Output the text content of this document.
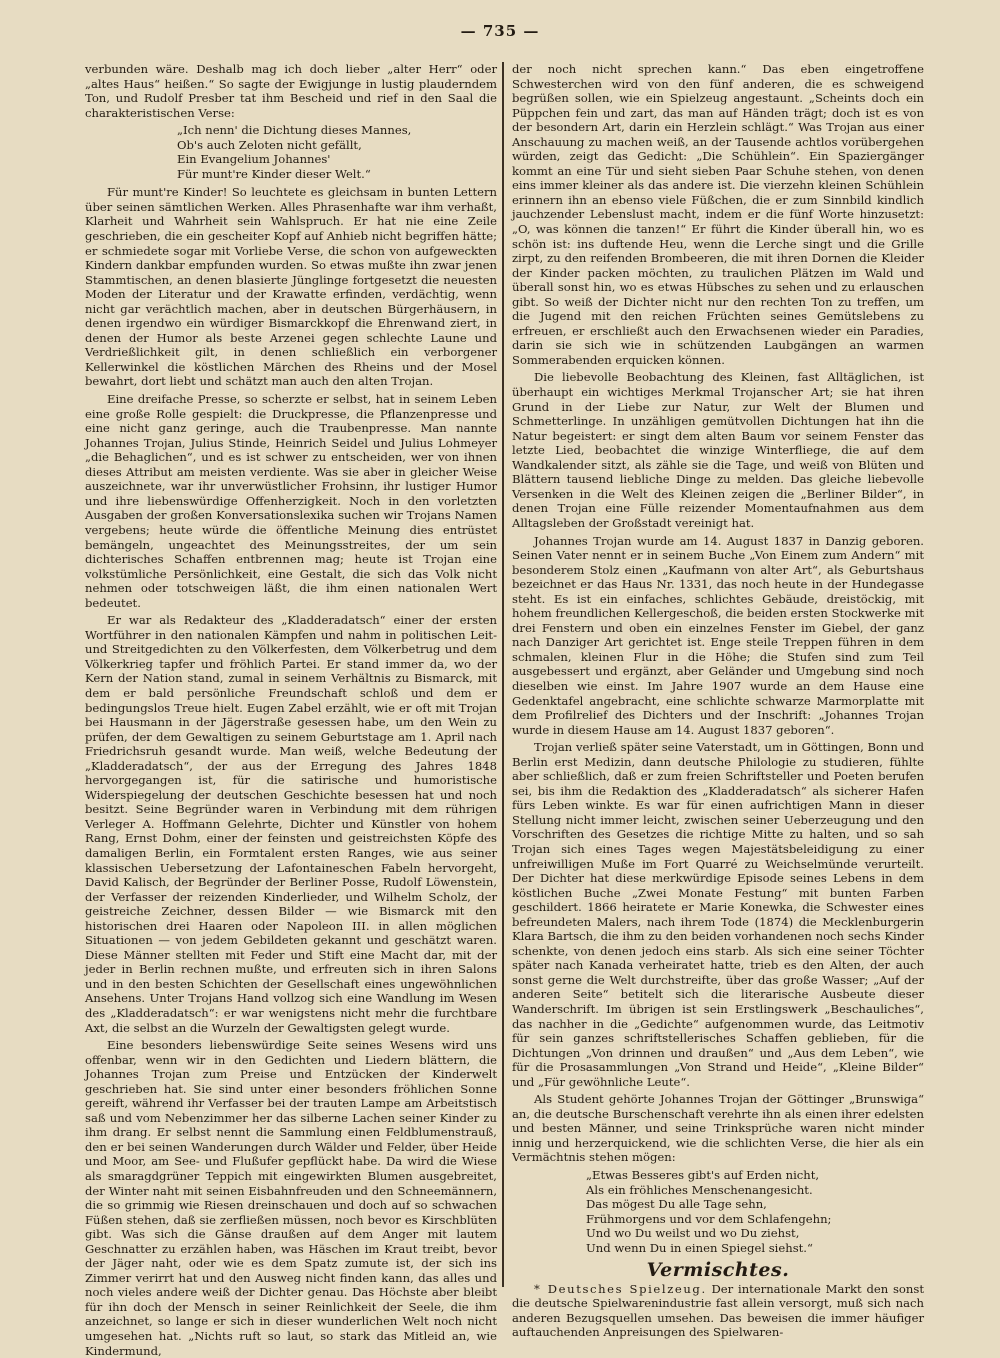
— 735 —

verbunden wäre. Deshalb mag ich doch lieber „alter Herr“ oder „altes Haus“ heißen.“ So sagte der Ewigjunge in lustig plauderndem Ton, und Rudolf Presber tat ihm Bescheid und rief in den Saal die charakteristischen Verse:

„Ich nenn' die Dichtung dieses Mannes,
Ob's auch Zeloten nicht gefällt,
Ein Evangelium Johannes'
Für munt're Kinder dieser Welt.“

Für munt're Kinder! So leuchtete es gleichsam in bunten Lettern über seinen sämtlichen Werken. Alles Phrasenhafte war ihm verhaßt, Klarheit und Wahrheit sein Wahlspruch. Er hat nie eine Zeile geschrieben, die ein gescheiter Kopf auf Anhieb nicht begriffen hätte; er schmiedete sogar mit Vorliebe Verse, die schon von aufgeweckten Kindern dankbar empfunden wurden. So etwas mußte ihn zwar jenen Stammtischen, an denen blasierte Jünglinge fortgesetzt die neuesten Moden der Literatur und der Krawatte erfinden, verdächtig, wenn nicht gar verächtlich machen, aber in deutschen Bürgerhäusern, in denen irgendwo ein würdiger Bismarckkopf die Ehrenwand ziert, in denen der Humor als beste Arzenei gegen schlechte Laune und Verdrießlichkeit gilt, in denen schließlich ein verborgener Kellerwinkel die köstlichen Märchen des Rheins und der Mosel bewahrt, dort liebt und schätzt man auch den alten Trojan.

Eine dreifache Presse, so scherzte er selbst, hat in seinem Leben eine große Rolle gespielt: die Druckpresse, die Pflanzenpresse und eine nicht ganz geringe, auch die Traubenpresse. Man nannte Johannes Trojan, Julius Stinde, Heinrich Seidel und Julius Lohmeyer „die Behaglichen“, und es ist schwer zu entscheiden, wer von ihnen dieses Attribut am meisten verdiente. Was sie aber in gleicher Weise auszeichnete, war ihr unverwüstlicher Frohsinn, ihr lustiger Humor und ihre liebenswürdige Offenherzigkeit. Noch in den vorletzten Ausgaben der großen Konversationslexika suchen wir Trojans Namen vergebens; heute würde die öffentliche Meinung dies entrüstet bemängeln, ungeachtet des Meinungsstreites, der um sein dichterisches Schaffen entbrennen mag; heute ist Trojan eine volkstümliche Persönlichkeit, eine Gestalt, die sich das Volk nicht nehmen oder totschweigen läßt, die ihm einen nationalen Wert bedeutet.

Er war als Redakteur des „Kladderadatsch“ einer der ersten Wortführer in den nationalen Kämpfen und nahm in politischen Leit- und Streitgedichten zu den Völkerfesten, dem Völkerbetrug und dem Völkerkrieg tapfer und fröhlich Partei. Er stand immer da, wo der Kern der Nation stand, zumal in seinem Verhältnis zu Bismarck, mit dem er bald persönliche Freundschaft schloß und dem er bedingungslos Treue hielt. Eugen Zabel erzählt, wie er oft mit Trojan bei Hausmann in der Jägerstraße gesessen habe, um den Wein zu prüfen, der dem Gewaltigen zu seinem Geburtstage am 1. April nach Friedrichsruh gesandt wurde. Man weiß, welche Bedeutung der „Kladderadatsch“, der aus der Erregung des Jahres 1848 hervorgegangen ist, für die satirische und humoristische Widerspiegelung der deutschen Geschichte besessen hat und noch besitzt. Seine Begründer waren in Verbindung mit dem rührigen Verleger A. Hoffmann Gelehrte, Dichter und Künstler von hohem Rang, Ernst Dohm, einer der feinsten und geistreichsten Köpfe des damaligen Berlin, ein Formtalent ersten Ranges, wie aus seiner klassischen Uebersetzung der Lafontaineschen Fabeln hervorgeht, David Kalisch, der Begründer der Berliner Posse, Rudolf Löwenstein, der Verfasser der reizenden Kinderlieder, und Wilhelm Scholz, der geistreiche Zeichner, dessen Bilder — wie Bismarck mit den historischen drei Haaren oder Napoleon III. in allen möglichen Situationen — von jedem Gebildeten gekannt und geschätzt waren. Diese Männer stellten mit Feder und Stift eine Macht dar, mit der jeder in Berlin rechnen mußte, und erfreuten sich in ihren Salons und in den besten Schichten der Gesellschaft eines ungewöhnlichen Ansehens. Unter Trojans Hand vollzog sich eine Wandlung im Wesen des „Kladderadatsch“: er war wenigstens nicht mehr die furchtbare Axt, die selbst an die Wurzeln der Gewaltigsten gelegt wurde.

Eine besonders liebenswürdige Seite seines Wesens wird uns offenbar, wenn wir in den Gedichten und Liedern blättern, die Johannes Trojan zum Preise und Entzücken der Kinderwelt geschrieben hat. Sie sind unter einer besonders fröhlichen Sonne gereift, während ihr Verfasser bei der trauten Lampe am Arbeitstisch saß und vom Nebenzimmer her das silberne Lachen seiner Kinder zu ihm drang. Er selbst nennt die Sammlung einen Feldblumenstrauß, den er bei seinen Wanderungen durch Wälder und Felder, über Heide und Moor, am See- und Flußufer gepflückt habe. Da wird die Wiese als smaragdgrüner Teppich mit eingewirkten Blumen ausgebreitet, der Winter naht mit seinen Eisbahnfreuden und den Schneemännern, die so grimmig wie Riesen dreinschauen und doch auf so schwachen Füßen stehen, daß sie zerfließen müssen, noch bevor es Kirschblüten gibt. Was sich die Gänse draußen auf dem Anger mit lautem Geschnatter zu erzählen haben, was Häschen im Kraut treibt, bevor der Jäger naht, oder wie es dem Spatz zumute ist, der sich ins Zimmer verirrt hat und den Ausweg nicht finden kann, das alles und noch vieles andere weiß der Dichter genau. Das Höchste aber bleibt für ihn doch der Mensch in seiner Reinlichkeit der Seele, die ihm anzeichnet, so lange er sich in dieser wunderlichen Welt noch nicht umgesehen hat. „Nichts ruft so laut, so stark das Mitleid an, wie Kindermund,

der noch nicht sprechen kann.“ Das eben eingetroffene Schwesterchen wird von den fünf anderen, die es schweigend begrüßen sollen, wie ein Spielzeug angestaunt. „Scheints doch ein Püppchen fein und zart, das man auf Händen trägt; doch ist es von der besondern Art, darin ein Herzlein schlägt.“ Was Trojan aus einer Anschauung zu machen weiß, an der Tausende achtlos vorübergehen würden, zeigt das Gedicht: „Die Schühlein“. Ein Spaziergänger kommt an eine Tür und sieht sieben Paar Schuhe stehen, von denen eins immer kleiner als das andere ist. Die vierzehn kleinen Schühlein erinnern ihn an ebenso viele Füßchen, die er zum Sinnbild kindlich jauchzender Lebenslust macht, indem er die fünf Worte hinzusetzt: „O, was können die tanzen!“ Er führt die Kinder überall hin, wo es schön ist: ins duftende Heu, wenn die Lerche singt und die Grille zirpt, zu den reifenden Brombeeren, die mit ihren Dornen die Kleider der Kinder packen möchten, zu traulichen Plätzen im Wald und überall sonst hin, wo es etwas Hübsches zu sehen und zu erlauschen gibt. So weiß der Dichter nicht nur den rechten Ton zu treffen, um die Jugend mit den reichen Früchten seines Gemütslebens zu erfreuen, er erschließt auch den Erwachsenen wieder ein Paradies, darin sie sich wie in schützenden Laubgängen an warmen Sommerabenden erquicken können.

Die liebevolle Beobachtung des Kleinen, fast Alltäglichen, ist überhaupt ein wichtiges Merkmal Trojanscher Art; sie hat ihren Grund in der Liebe zur Natur, zur Welt der Blumen und Schmetterlinge. In unzähligen gemütvollen Dichtungen hat ihn die Natur begeistert: er singt dem alten Baum vor seinem Fenster das letzte Lied, beobachtet die winzige Winterfliege, die auf dem Wandkalender sitzt, als zähle sie die Tage, und weiß von Blüten und Blättern tausend liebliche Dinge zu melden. Das gleiche liebevolle Versenken in die Welt des Kleinen zeigen die „Berliner Bilder“, in denen Trojan eine Fülle reizender Momentaufnahmen aus dem Alltagsleben der Großstadt vereinigt hat.

Johannes Trojan wurde am 14. August 1837 in Danzig geboren. Seinen Vater nennt er in seinem Buche „Von Einem zum Andern“ mit besonderem Stolz einen „Kaufmann von alter Art“, als Geburtshaus bezeichnet er das Haus Nr. 1331, das noch heute in der Hundegasse steht. Es ist ein einfaches, schlichtes Gebäude, dreistöckig, mit hohem freundlichen Kellergeschoß, die beiden ersten Stockwerke mit drei Fenstern und oben ein einzelnes Fenster im Giebel, der ganz nach Danziger Art gerichtet ist. Enge steile Treppen führen in dem schmalen, kleinen Flur in die Höhe; die Stufen sind zum Teil ausgebessert und ergänzt, aber Geländer und Umgebung sind noch dieselben wie einst. Im Jahre 1907 wurde an dem Hause eine Gedenktafel angebracht, eine schlichte schwarze Marmorplatte mit dem Profilrelief des Dichters und der Inschrift: „Johannes Trojan wurde in diesem Hause am 14. August 1837 geboren“.

Trojan verließ später seine Vaterstadt, um in Göttingen, Bonn und Berlin erst Medizin, dann deutsche Philologie zu studieren, fühlte aber schließlich, daß er zum freien Schriftsteller und Poeten berufen sei, bis ihm die Redaktion des „Kladderadatsch“ als sicherer Hafen fürs Leben winkte. Es war für einen aufrichtigen Mann in dieser Stellung nicht immer leicht, zwischen seiner Ueberzeugung und den Vorschriften des Gesetzes die richtige Mitte zu halten, und so sah Trojan sich eines Tages wegen Majestätsbeleidigung zu einer unfreiwilligen Muße im Fort Quarré zu Weichselmünde verurteilt. Der Dichter hat diese merkwürdige Episode seines Lebens in dem köstlichen Buche „Zwei Monate Festung“ mit bunten Farben geschildert. 1866 heiratete er Marie Konewka, die Schwester eines befreundeten Malers, nach ihrem Tode (1874) die Mecklenburgerin Klara Bartsch, die ihm zu den beiden vorhandenen noch sechs Kinder schenkte, von denen jedoch eins starb. Als sich eine seiner Töchter später nach Kanada verheiratet hatte, trieb es den Alten, der auch sonst gerne die Welt durchstreifte, über das große Wasser; „Auf der anderen Seite“ betitelt sich die literarische Ausbeute dieser Wanderschrift. Im übrigen ist sein Erstlingswerk „Beschauliches“, das nachher in die „Gedichte“ aufgenommen wurde, das Leitmotiv für sein ganzes schriftstellerisches Schaffen geblieben, für die Dichtungen „Von drinnen und draußen“ und „Aus dem Leben“, wie für die Prosasammlungen „Von Strand und Heide“, „Kleine Bilder“ und „Für gewöhnliche Leute“.

Als Student gehörte Johannes Trojan der Göttinger „Brunswiga“ an, die deutsche Burschenschaft verehrte ihn als einen ihrer edelsten und besten Männer, und seine Trinksprüche waren nicht minder innig und herzerquickend, wie die schlichten Verse, die hier als ein Vermächtnis stehen mögen:

„Etwas Besseres gibt's auf Erden nicht,
Als ein fröhliches Menschenangesicht.
Das mögest Du alle Tage sehn,
Frühmorgens und vor dem Schlafengehn;
Und wo Du weilst und wo Du ziehst,
Und wenn Du in einen Spiegel siehst.“
Vermischtes.

* Deutsches Spielzeug. Der internationale Markt den sonst die deutsche Spielwarenindustrie fast allein versorgt, muß sich nach anderen Bezugsquellen umsehen. Das beweisen die immer häufiger auftauchenden Anpreisungen des Spielwaren-
